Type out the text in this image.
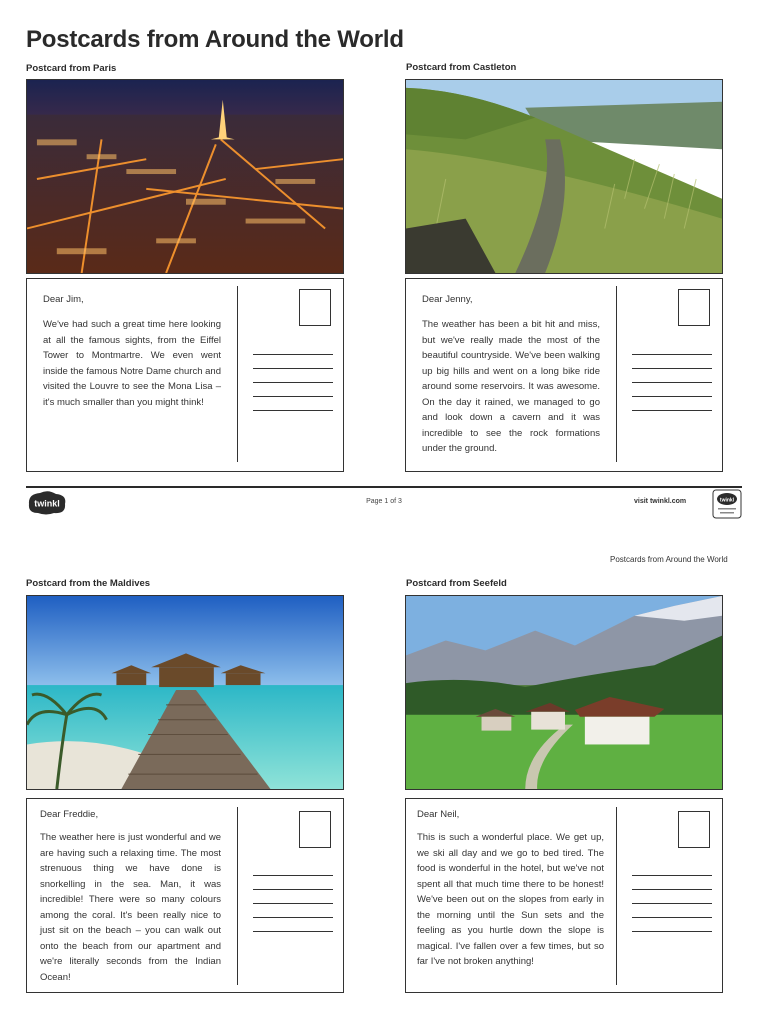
Postcards from Around the World
Postcard from Paris
Dear Jim,
We've had such a great time here looking at all the famous sights, from the Eiffel Tower to Montmartre. We even went inside the famous Notre Dame church and visited the Louvre to see the Mona Lisa – it's much smaller than you might think!
Postcard from Castleton
Dear Jenny,
The weather has been a bit hit and miss, but we've really made the most of the beautiful countryside. We've been walking up big hills and went on a long bike ride around some reservoirs. It was awesome. On the day it rained, we managed to go and look down a cavern and it was incredible to see the rock formations under the ground.
twinkl	Page 1 of 3	visit twinkl.com	twinkl
Postcards from Around the World
Postcard from the Maldives
Dear Freddie,
The weather here is just wonderful and we are having such a relaxing time. The most strenuous thing we have done is snorkelling in the sea. Man, it was incredible! There were so many colours among the coral. It's been really nice to just sit on the beach – you can walk out onto the beach from our apartment and we're literally seconds from the Indian Ocean!
Postcard from Seefeld
Dear Neil,
This is such a wonderful place. We get up, we ski all day and we go to bed tired. The food is wonderful in the hotel, but we've not spent all that much time there to be honest! We've been out on the slopes from early in the morning until the Sun sets and the feeling as you hurtle down the slope is magical. I've fallen over a few times, but so far I've not broken anything!
